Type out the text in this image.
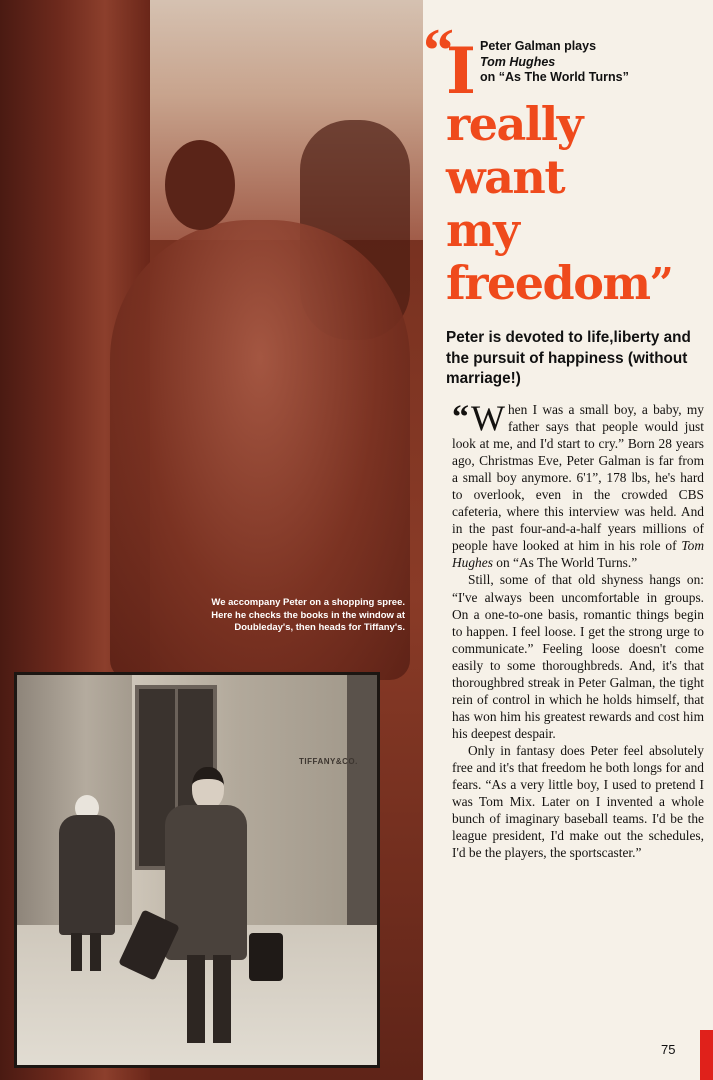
We accompany Peter on a shopping spree. Here he checks the books in the window at Doubleday's, then heads for Tiffany's.
TIFFANY&CO.
“ Peter Galman plays
Tom Hughes
on “As The World Turns”
I
really
want
my
freedom”
Peter is devoted to life,liberty and the pursuit of happiness (without marriage!)

“ W hen I was a small boy, a baby, my father says that people would just look at me, and I'd start to cry.” Born 28 years ago, Christmas Eve, Peter Galman is far from a small boy anymore. 6'1”, 178 lbs, he's hard to overlook, even in the crowded CBS cafeteria, where this interview was held. And in the past four-and-a-half years millions of people have looked at him in his role of Tom Hughes on “As The World Turns.”

Still, some of that old shyness hangs on: “I've always been uncomfortable in groups. On a one-to-one basis, romantic things begin to happen. I feel loose. I get the strong urge to communicate.” Feeling loose doesn't come easily to some thoroughbreds. And, it's that thoroughbred streak in Peter Galman, the tight rein of control in which he holds himself, that has won him his greatest rewards and cost him his deepest despair.

Only in fantasy does Peter feel absolutely free and it's that freedom he both longs for and fears. “As a very little boy, I used to pretend I was Tom Mix. Later on I invented a whole bunch of imaginary baseball teams. I'd be the league president, I'd make out the schedules, I'd be the players, the sportscaster.”

75
